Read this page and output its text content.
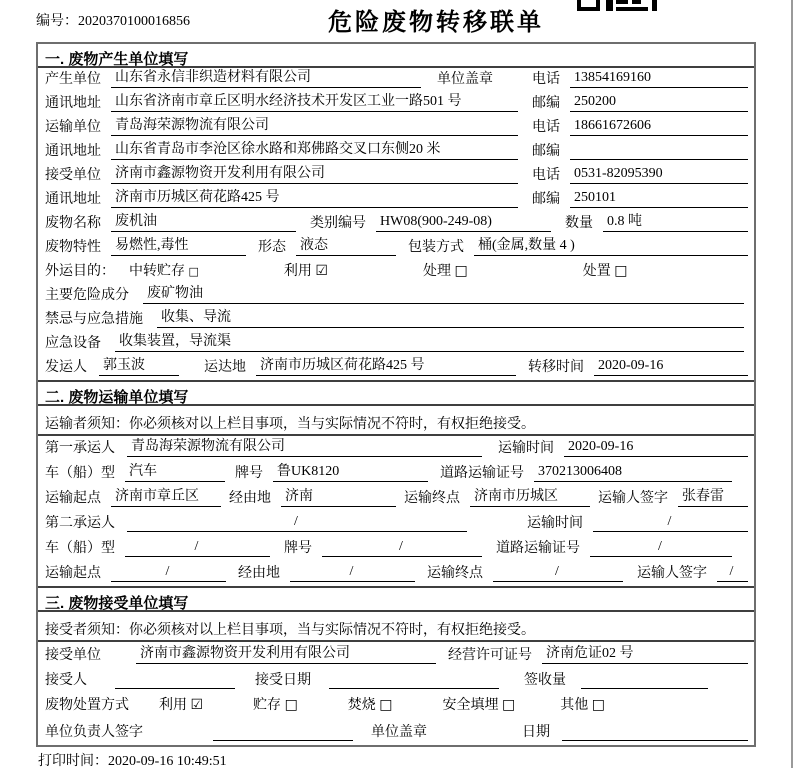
编号：2020370100016856	危险废物转移联单
一. 废物产生单位填写
产生单位 山东省永信非织造材料有限公司	单位盖章	电话 13854169160
通讯地址 山东省济南市章丘区明水经济技术开发区工业一路501 号	邮编 250200
运输单位 青岛海荣源物流有限公司	电话 18661672606
通讯地址 山东省青岛市李沧区徐水路和郑佛路交叉口东侧20 米	邮编
接受单位 济南市鑫源物资开发利用有限公司	电话 0531-82095390
通讯地址 济南市历城区荷花路425 号	邮编 250101
废物名称 废机油	类别编号 HW08(900-249-08)	数量 0.8 吨
废物特性 易燃性,毒性	形态 液态	包装方式 桶(金属,数量 4 )
外运目的： 中转贮存 □	利用 ☑	处理 □	处置 □
主要危险成分 废矿物油
禁忌与应急措施 收集、导流
应急设备 收集装置，导流渠
发运人 郭玉波	运达地 济南市历城区荷花路425 号	转移时间 2020-09-16
二. 废物运输单位填写
运输者须知：你必须核对以上栏目事项，当与实际情况不符时，有权拒绝接受。
第一承运人 青岛海荣源物流有限公司	运输时间 2020-09-16
车（船）型 汽车	牌号 鲁UK8120	道路运输证号 370213006408
运输起点 济南市章丘区	经由地 济南	运输终点 济南市历城区	运输人签字 张春雷
第二承运人	/	运输时间	/
车（船）型	/	牌号	/	道路运输证号	/
运输起点	/	经由地	/	运输终点	/	运输人签字	/
三. 废物接受单位填写
接受者须知：你必须核对以上栏目事项，当与实际情况不符时，有权拒绝接受。
接受单位	济南市鑫源物资开发利用有限公司	经营许可证号 济南危证02 号
接受人	接受日期	签收量
废物处置方式 利用 ☑	贮存 □	焚烧 □	安全填埋 □	其他 □
单位负责人签字	单位盖章	日期
打印时间：2020-09-16 10:49:51
